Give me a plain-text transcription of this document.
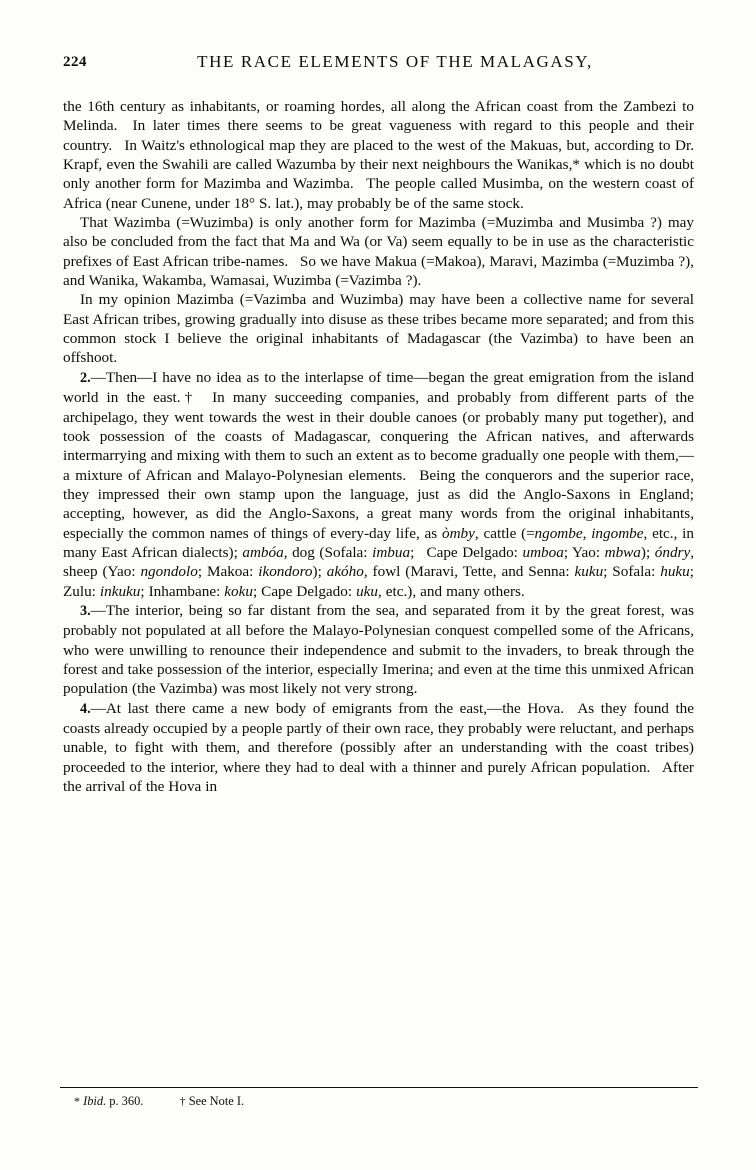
224	THE RACE ELEMENTS OF THE MALAGASY,

the 16th century as inhabitants, or roaming hordes, all along the African coast from the Zambezi to Melinda.  In later times there seems to be great vagueness with regard to this people and their country.  In Waitz's ethnological map they are placed to the west of the Makuas, but, according to Dr. Krapf, even the Swahili are called Wazumba by their next neighbours the Wanikas,* which is no doubt only another form for Mazimba and Wazimba.  The people called Musimba, on the western coast of Africa (near Cunene, under 18° S. lat.), may probably be of the same stock.

That Wazimba (=Wuzimba) is only another form for Mazimba (=Muzimba and Musimba ?) may also be concluded from the fact that Ma and Wa (or Va) seem equally to be in use as the characteristic prefixes of East African tribe-names.  So we have Makua (=Makoa), Maravi, Mazimba (=Muzimba ?), and Wanika, Wakamba, Wamasai, Wuzimba (=Vazimba ?).

In my opinion Mazimba (=Vazimba and Wuzimba) may have been a collective name for several East African tribes, growing gradually into disuse as these tribes became more separated; and from this common stock I believe the original inhabitants of Madagascar (the Vazimba) to have been an offshoot.

2.—Then—I have no idea as to the interlapse of time—began the great emigration from the island world in the east.†  In many succeeding companies, and probably from different parts of the archipelago, they went towards the west in their double canoes (or probably many put together), and took possession of the coasts of Madagascar, conquering the African natives, and afterwards intermarrying and mixing with them to such an extent as to become gradually one people with them,—a mixture of African and Malayo-Polynesian elements.  Being the conquerors and the superior race, they impressed their own stamp upon the language, just as did the Anglo-Saxons in England; accepting, however, as did the Anglo-Saxons, a great many words from the original inhabitants, especially the common names of things of every-day life, as òmby, cattle (=ngombe, ingombe, etc., in many East African dialects); ambóa, dog (Sofala: imbua;  Cape Delgado: umboa; Yao: mbwa); óndry, sheep (Yao: ngondolo; Makoa: ikondoro); akóho, fowl (Maravi, Tette, and Senna: kuku; Sofala: huku; Zulu: inkuku; Inhambane: koku; Cape Delgado: uku, etc.), and many others.

3.—The interior, being so far distant from the sea, and separated from it by the great forest, was probably not populated at all before the Malayo-Polynesian conquest compelled some of the Africans, who were unwilling to renounce their independence and submit to the invaders, to break through the forest and take possession of the interior, especially Imerina; and even at the time this unmixed African population (the Vazimba) was most likely not very strong.

4.—At last there came a new body of emigrants from the east,—the Hova.  As they found the coasts already occupied by a people partly of their own race, they probably were reluctant, and perhaps unable, to fight with them, and therefore (possibly after an understanding with the coast tribes) proceeded to the interior, where they had to deal with a thinner and purely African population.  After the arrival of the Hova in

* Ibid. p. 360.	† See Note I.
